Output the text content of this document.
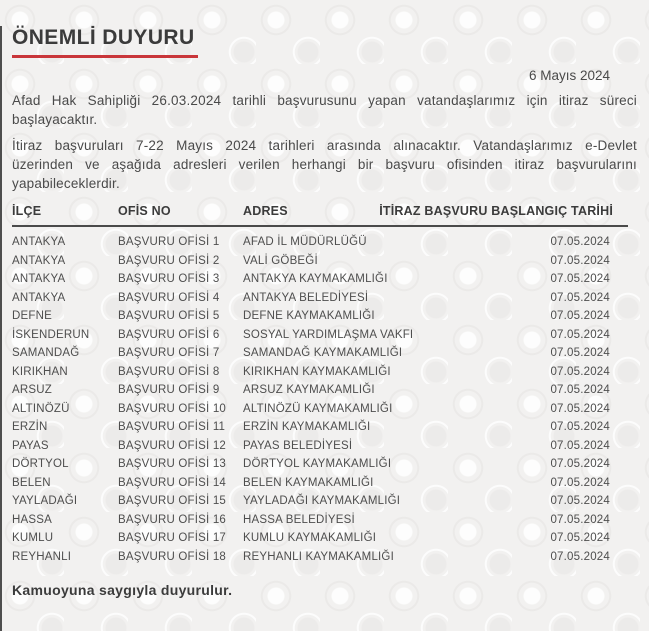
ÖNEMLİ DUYURU
6 Mayıs 2024

Afad Hak Sahipliği 26.03.2024 tarihli başvurusunu yapan vatandaşlarımız için itiraz süreci başlayacaktır.

İtiraz başvuruları 7-22 Mayıs 2024 tarihleri arasında alınacaktır. Vatandaşlarımız e-Devlet üzerinden ve aşağıda adresleri verilen herhangi bir başvuru ofisinden itiraz başvurularını yapabileceklerdir.

İLÇE	OFİS NO	ADRES	İTİRAZ BAŞVURU BAŞLANGIÇ TARİHİ
ANTAKYA	BAŞVURU OFİSİ 1	AFAD İL MÜDÜRLÜĞÜ	07.05.2024
ANTAKYA	BAŞVURU OFİSİ 2	VALİ GÖBEĞİ	07.05.2024
ANTAKYA	BAŞVURU OFİSİ 3	ANTAKYA KAYMAKAMLIĞI	07.05.2024
ANTAKYA	BAŞVURU OFİSİ 4	ANTAKYA BELEDİYESİ	07.05.2024
DEFNE	BAŞVURU OFİSİ 5	DEFNE KAYMAKAMLIĞI	07.05.2024
İSKENDERUN	BAŞVURU OFİSİ 6	SOSYAL YARDIMLAŞMA VAKFI	07.05.2024
SAMANDAĞ	BAŞVURU OFİSİ 7	SAMANDAĞ KAYMAKAMLIĞI	07.05.2024
KIRIKHAN	BAŞVURU OFİSİ 8	KIRIKHAN KAYMAKAMLIĞI	07.05.2024
ARSUZ	BAŞVURU OFİSİ 9	ARSUZ KAYMAKAMLIĞI	07.05.2024
ALTINÖZÜ	BAŞVURU OFİSİ 10	ALTINÖZÜ KAYMAKAMLIĞI	07.05.2024
ERZİN	BAŞVURU OFİSİ 11	ERZİN KAYMAKAMLIĞI	07.05.2024
PAYAS	BAŞVURU OFİSİ 12	PAYAS BELEDİYESİ	07.05.2024
DÖRTYOL	BAŞVURU OFİSİ 13	DÖRTYOL KAYMAKAMLIĞI	07.05.2024
BELEN	BAŞVURU OFİSİ 14	BELEN KAYMAKAMLIĞI	07.05.2024
YAYLADAĞI	BAŞVURU OFİSİ 15	YAYLADAĞI KAYMAKAMLIĞI	07.05.2024
HASSA	BAŞVURU OFİSİ 16	HASSA BELEDİYESİ	07.05.2024
KUMLU	BAŞVURU OFİSİ 17	KUMLU KAYMAKAMLIĞI	07.05.2024
REYHANLI	BAŞVURU OFİSİ 18	REYHANLI KAYMAKAMLIĞI	07.05.2024
Kamuoyuna saygıyla duyurulur.
